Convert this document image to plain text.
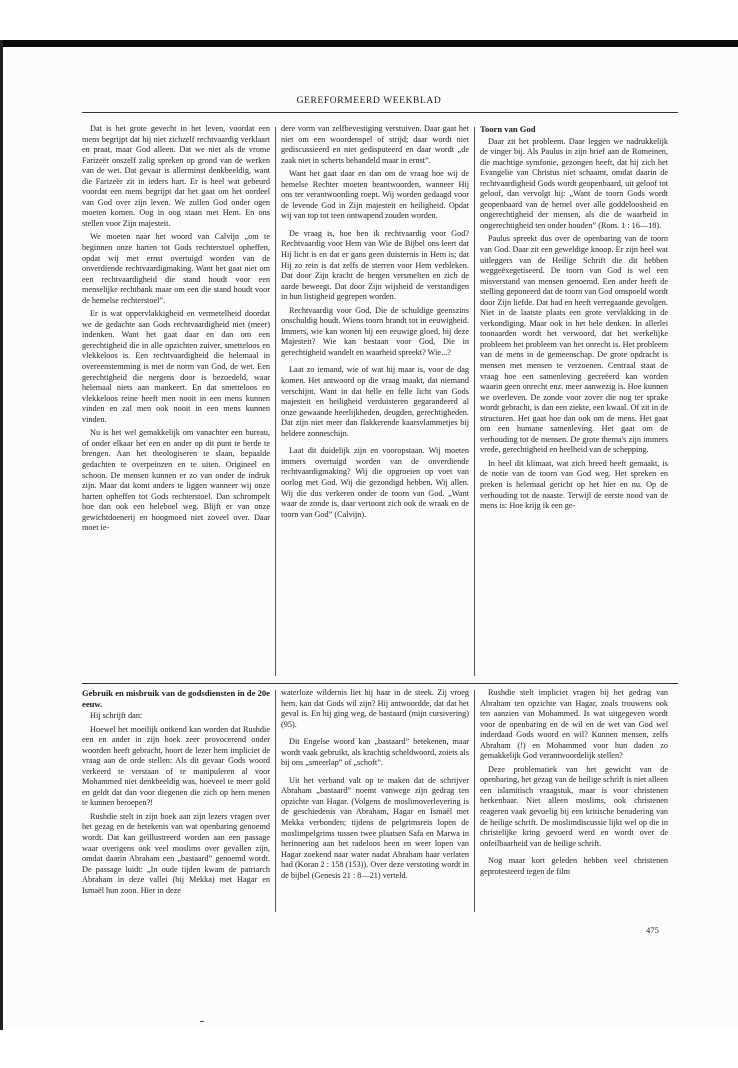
GEREFORMEERD WEEKBLAD

Dat is het grote gevecht in het leven, voordat een mens begrijpt dat hij niet zichzelf rechtvaardig verklaart en praat, maar God alleen. Dat we niet als de vrome Farizeër onszelf zalig spreken op grond van de werken van de wet. Dat gevaar is allerminst denkbeeldig, want die Farizeër zit in ieders hart. Er is heel wat gebeurd voordat een mens begrijpt dat het gaat om het oordeel van God over zijn leven. We zullen God onder ogen moeten komen. Oog in oog staan met Hem. En ons stellen voor Zijn majesteit.

We moeten naar het woord van Calvijn „om te beginnen onze harten tot Gods rechterstoel opheffen, opdat wij met ernst overtuigd worden van de onverdiende rechtvaardigmaking. Want het gaat niet om een rechtvaardigheid die stand houdt voor een menselijke rechtbank maar om een die stand houdt voor de hemelse rechterstoel”.

Er is wat oppervlakkigheid en vermetelheid doordat we de gedachte aan Gods rechtvaardigheid niet (meer) indenken. Want het gaat daar en dan om een gerechtigheid die in alle opzichten zuiver, smetteloos en vlekkeloos is. Een rechtvaardigheid die helemaal in overeenstemming is met de norm van God, de wet. Een gerechtigheid die nergens door is bezoedeld, waar helemaal niets aan mankeert. En dat smetteloos en vlekkeloos reine heeft men nooit in een mens kunnen vinden en zal men ook nooit in een mens kunnen vinden.

Nu is het wel gemakkelijk om vanachter een bureau, of onder elkaar het een en ander op dit punt te berde te brengen. Aan het theologiseren te slaan, bepaalde gedachten te overpeinzen en te uiten. Origineel en schoon. De mensen kunnen er zo van onder de indruk zijn. Maar dat komt anders te liggen wanneer wij onze harten opheffen tot Gods rechterstoel. Dan schrompelt hoe dan ook een heleboel weg. Blijft er van onze gewichtdoenerij en hoogmoed niet zoveel over. Daar moet ie-

dere vorm van zelfbevestiging verstuiven. Daar gaat het niet om een woordenspel of strijd; daar wordt niet gediscussieerd en niet gedisputeerd en daar wordt „de zaak niet in scherts behandeld maar in ernst”.

Want het gaat daar en dan om de vraag hoe wij de hemelse Rechter moeten beantwoorden, wanneer Hij ons ter verantwoording roept. Wij worden gedaagd voor de levende God in Zijn majesteit en heiligheid. Opdat wij van top tot teen ontwapend zouden worden.

De vraag is, hoe ben ik rechtvaardig voor God? Rechtvaardig voor Hem van Wie de Bijbel ons leert dat Hij licht is en dat er gans geen duisternis in Hem is; dat Hij zo rein is dat zelfs de sterren voor Hem verbleken. Dat door Zijn kracht de bergen versmelten en zich de aarde beweegt. Dat door Zijn wijsheid de verstandigen in hun listigheid gegrepen worden.

Rechtvaardig voor God, Die de schuldige geenszins onschuldig houdt. Wiens toorn brandt tot in eeuwigheid. Immers, wie kan wonen bij een eeuwige gloed, bij deze Majesteit? Wie kan bestaan voor God, Die in gerechtigheid wandelt en waarheid spreekt? Wie...?

Laat zo iemand, wie of wat hij maar is, voor de dag komen. Het antwoord op die vraag maakt, dat niemand verschijnt. Want in dat helle en felle licht van Gods majesteit en heiligheid verduisteren gegarandeerd al onze gewaande heerlijkheden, deugden, gerechtigheden. Dat zijn niet meer dan flakkerende kaarsvlammetjes bij heldere zonneschijn.

Laat dit duidelijk zijn en vooropstaan. Wij moeten immers overtuigd worden van de onverdiende rechtvaardigmaking? Wij die opgroeien op voet van oorlog met God. Wij die gezondigd hebben. Wij allen. Wij die dus verkeren onder de toorn van God. „Want waar de zonde is, daar vertoont zich ook de wraak en de toorn van God” (Calvijn).

Toorn van God

Daar zit het probleem. Daar leggen we nadrukkelijk de vinger bij. Als Paulus in zijn brief aan de Romeinen, die machtige symfonie, gezongen heeft, dat hij zich het Evangelie van Christus niet schaamt, omdat daarin de rechtvaardigheid Gods wordt geopenbaard, uit geloof tot geloof, dan vervolgt hij: „Want de toorn Gods wordt geopenbaard van de hemel over alle goddeloosheid en ongerechtigheid der mensen, als die de waarheid in ongerechtigheid ten onder houden” (Rom. 1 : 16—18).

Paulus spreekt dus over de openbaring van de toorn van God. Daar zit een geweldige knoop. Er zijn heel wat uitleggers van de Heilige Schrift die dit hebben weggeëxegetiseerd. De toorn van God is wel een misverstand van mensen genoemd. Een ander heeft de stelling geponeerd dat de toorn van God omspoeld wordt door Zijn liefde. Dat had en heeft verregaande gevolgen. Niet in de laatste plaats een grote vervlakking in de verkondiging. Maar ook in het hele denken. In allerlei toonaarden wordt het verwoord, dat het werkelijke probleem het probleem van het onrecht is. Het probleem van de mens in de gemeenschap. De grote opdracht is mensen met mensen te verzoenen. Centraal staat de vraag hoe een samenleving gecreëerd kan worden waarin geen onrecht enz. meer aanwezig is. Hoe kunnen we overleven. De zonde voor zover die nog ter sprake wordt gebracht, is dan een ziekte, een kwaal. Of zit in de structuren. Het gaat hoe dan ook om de mens. Het gaat om een humane samenleving. Het gaat om de verhouding tot de mensen. De grote thema's zijn immers vrede, gerechtigheid en heelheid van de schepping.

In heel dit klimaat, wat zich breed heeft gemaakt, is de notie van de toorn van God weg. Het spreken en preken is helemaal gericht op het hier en nu. Op de verhouding tot de naaste. Terwijl de eerste nood van de mens is: Hoe krijg ik een ge-

Gebruik en misbruik van de godsdiensten in de 20e eeuw.

Hij schrijft dan:

Hoewel het moeilijk ontkend kan worden dat Rushdie een en ander in zijn boek zeer provocerend onder woorden heeft gebracht, hoort de lezer hem impliciet de vraag aan de orde stellen: Als dit gevaar Gods woord verkeerd te verstaan of te manipuleren al voor Mohammed niet denkbeeldig was, hoeveel te meer gold en geldt dat dan voor diegenen die zich op hem menen te kunnen beroepen?!

Rushdie stelt in zijn boek aan zijn lezers vragen over het gezag en de betekenis van wat openbaring genoemd wordt. Dat kan geïllustreerd worden aan een passage waar overigens ook veel moslims over gevallen zijn, omdat daarin Abraham een „bastaard” genoemd wordt. De passage luidt: „In oude tijden kwam de patriarch Abraham in deze vallei (bij Mekka) met Hagar en Ismaël hun zoon. Hier in deze

waterloze wildernis liet hij haar in de steek. Zij vroeg hem, kan dat Gods wil zijn? Hij antwoordde, dat dat het geval is. En hij ging weg, de bastaard (mijn cursivering) (95).

Dit Engelse woord kan „bastaard” betekenen, maar wordt vaak gebruikt, als krachtig scheldwoord, zoiets als bij ons „smeerlap” of „schoft”.

Uit het verband valt op te maken dat de schrijver Abraham „bastaard” noemt vanwege zijn gedrag ten opzichte van Hagar. (Volgens de moslimoverlevering is de geschiedenis van Abraham, Hagar en Ismaël met Mekka verbonden; tijdens de pelgrimsreis lopen de moslimpelgrims tussen twee plaatsen Safa en Marwa in herinnering aan het radeloos heen en weer lopen van Hagar zoekend naar water nadat Abraham haar verlaten had (Koran 2 : 158 (153)). Over deze verstoting wordt in de bijbel (Genesis 21 : 8—21) verteld.

Rushdie stelt impliciet vragen bij het gedrag van Abraham ten opzichte van Hagar, zoals trouwens ook ten aanzien van Mohammed. Is wat uitgegeven wordt voor de openbaring en de wil en de wet van God wel inderdaad Gods woord en wil? Kunnen mensen, zelfs Abraham (!) en Mohammed voor hun daden zo gemakkelijk God verantwoordelijk stellen?

Deze problematiek van het gewicht van de openbaring, het gezag van de heilige schrift is niet alleen een islamitisch vraagstuk, maar is voor christenen herkenbaar. Niet alleen moslims, ook christenen reageren vaak gevoelig bij een kritische benadering van de heilige schrift. De moslimdiscussie lijkt wel op die in christelijke kring gevoerd werd en wordt over de onfeilbaarheid van de heilige schrift.

Nog maar kort geleden hebben veel christenen geprotesteerd tegen de film

475
